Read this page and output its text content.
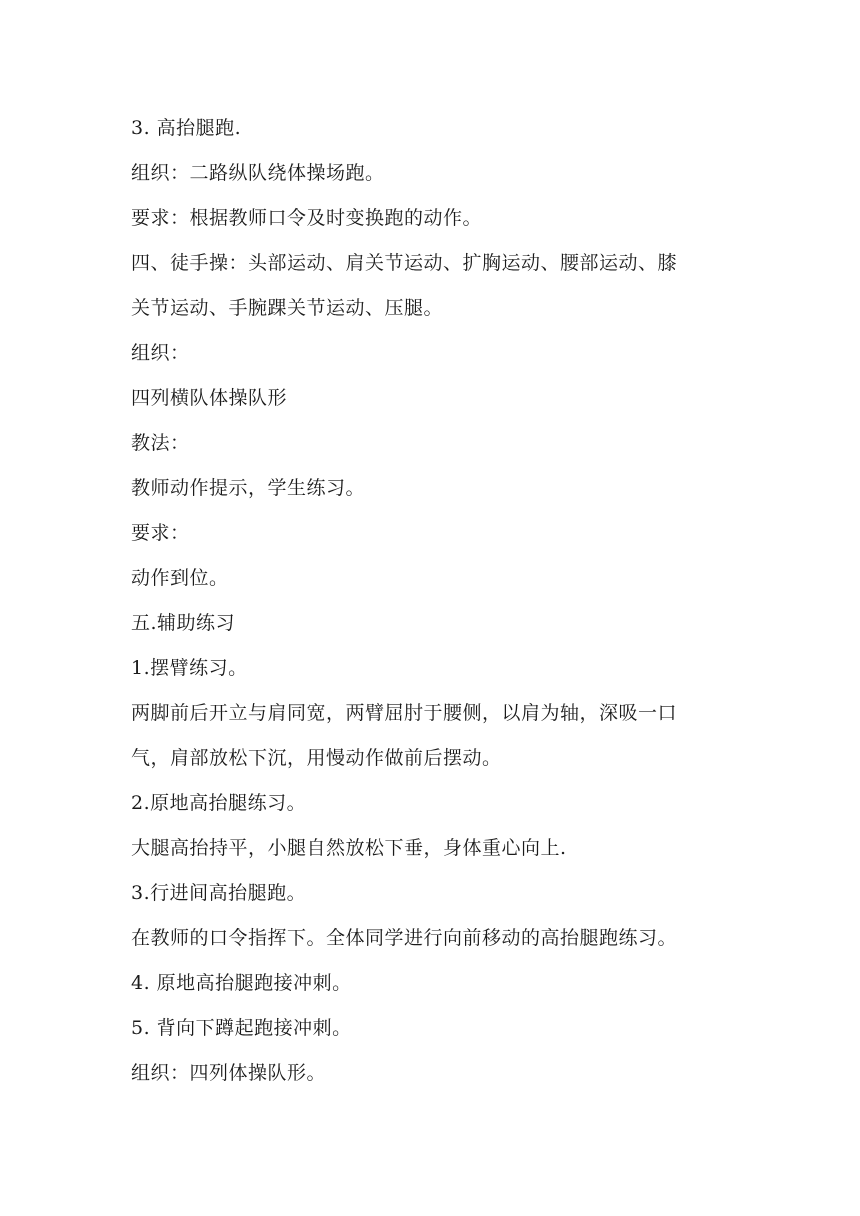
3. 高抬腿跑.
组织：二路纵队绕体操场跑。
要求：根据教师口令及时变换跑的动作。
四、徒手操：头部运动、肩关节运动、扩胸运动、腰部运动、膝
关节运动、手腕踝关节运动、压腿。
组织：
四列横队体操队形
教法：
教师动作提示，学生练习。
要求：
动作到位。
五.辅助练习
1.摆臂练习。
两脚前后开立与肩同宽，两臂屈肘于腰侧，以肩为轴，深吸一口
气，肩部放松下沉，用慢动作做前后摆动。
2.原地高抬腿练习。
大腿高抬持平，小腿自然放松下垂，身体重心向上.
3.行进间高抬腿跑。
在教师的口令指挥下。全体同学进行向前移动的高抬腿跑练习。
4. 原地高抬腿跑接冲刺。
5. 背向下蹲起跑接冲刺。
组织：四列体操队形。
